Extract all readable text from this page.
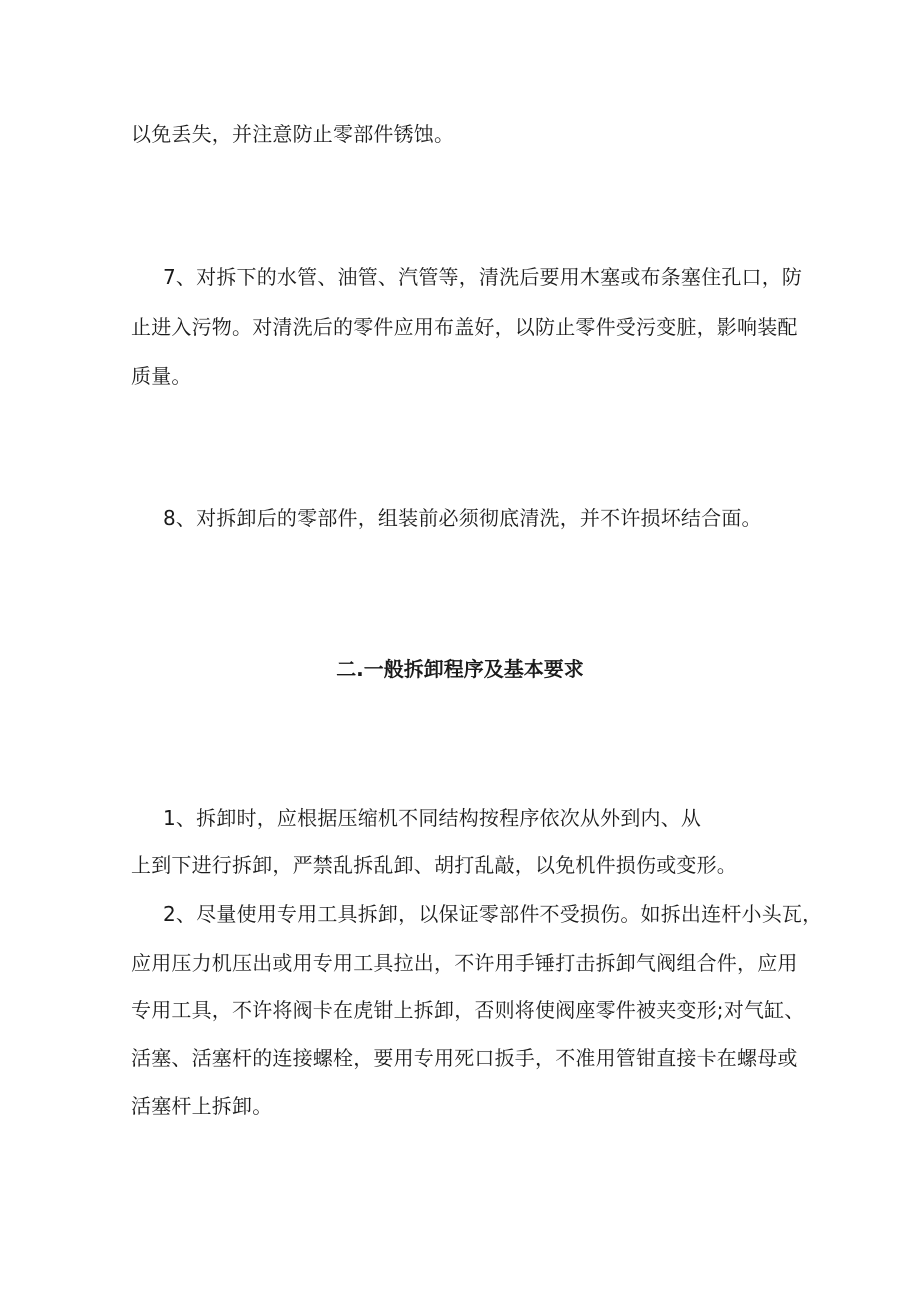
以免丢失，并注意防止零部件锈蚀。
7、对拆下的水管、油管、汽管等，清洗后要用木塞或布条塞住孔口，防
止进入污物。对清洗后的零件应用布盖好，以防止零件受污变脏，影响装配
质量。
8、对拆卸后的零部件，组装前必须彻底清洗，并不许损坏结合面。
二.一般拆卸程序及基本要求
1、拆卸时，应根据压缩机不同结构按程序依次从外到内、从
上到下进行拆卸，严禁乱拆乱卸、胡打乱敲，以免机件损伤或变形。
2、尽量使用专用工具拆卸，以保证零部件不受损伤。如拆出连杆小头瓦，
应用压力机压出或用专用工具拉出，不许用手锤打击拆卸气阀组合件，应用
专用工具，不许将阀卡在虎钳上拆卸，否则将使阀座零件被夹变形;对气缸、
活塞、活塞杆的连接螺栓，要用专用死口扳手，不准用管钳直接卡在螺母或
活塞杆上拆卸。
